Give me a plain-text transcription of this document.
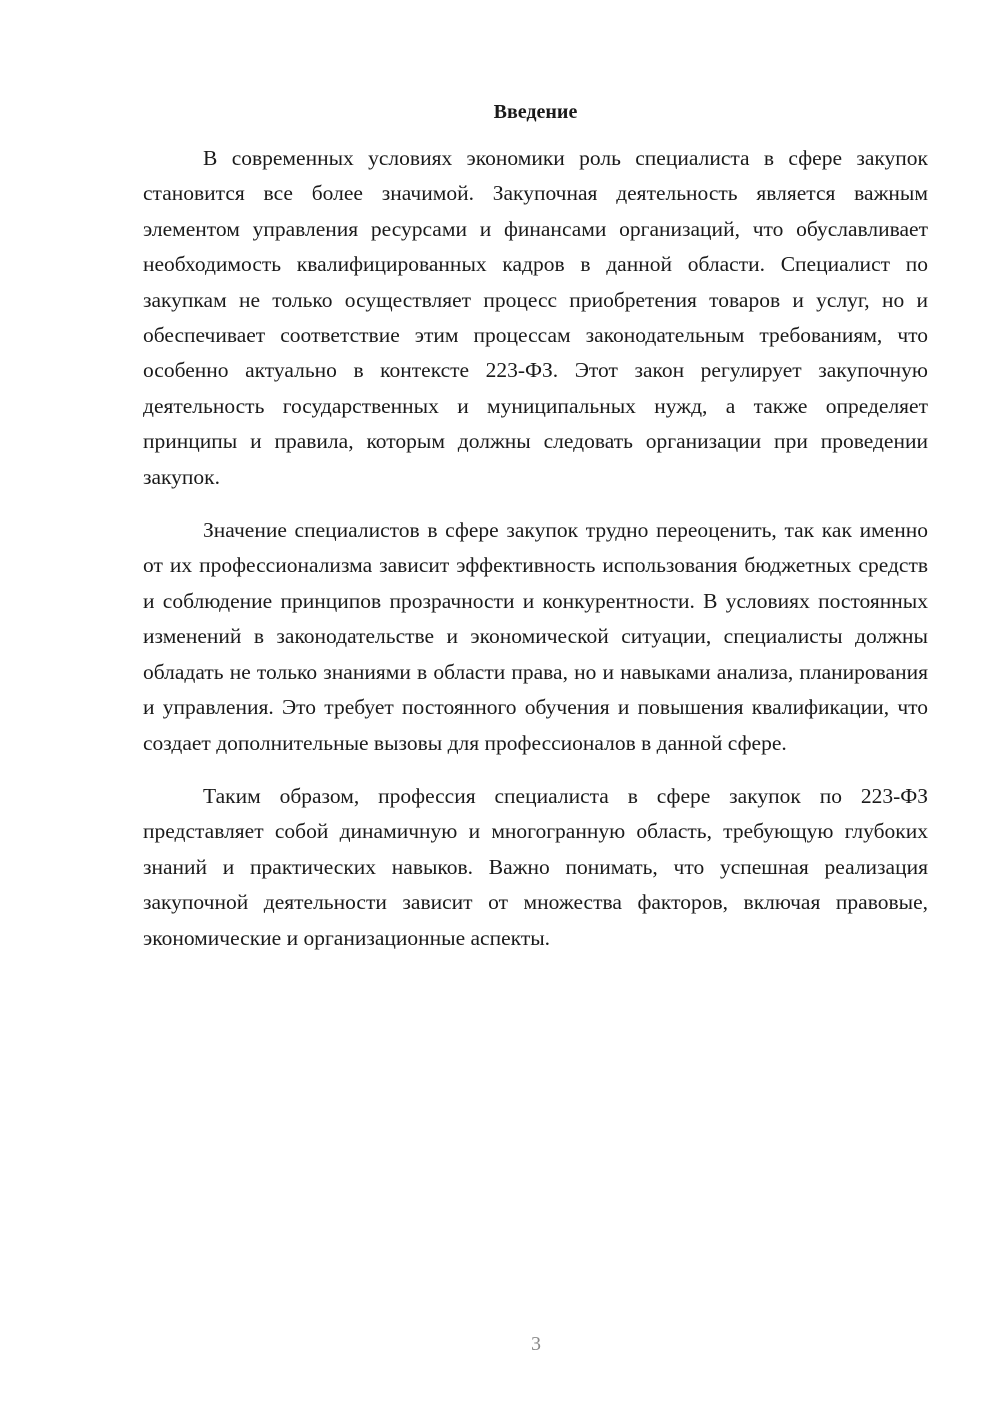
Введение

В современных условиях экономики роль специалиста в сфере закупок становится все более значимой. Закупочная деятельность является важным элементом управления ресурсами и финансами организаций, что обуславливает необходимость квалифицированных кадров в данной области. Специалист по закупкам не только осуществляет процесс приобретения товаров и услуг, но и обеспечивает соответствие этим процессам законодательным требованиям, что особенно актуально в контексте 223-ФЗ. Этот закон регулирует закупочную деятельность государственных и муниципальных нужд, а также определяет принципы и правила, которым должны следовать организации при проведении закупок.

Значение специалистов в сфере закупок трудно переоценить, так как именно от их профессионализма зависит эффективность использования бюджетных средств и соблюдение принципов прозрачности и конкурентности. В условиях постоянных изменений в законодательстве и экономической ситуации, специалисты должны обладать не только знаниями в области права, но и навыками анализа, планирования и управления. Это требует постоянного обучения и повышения квалификации, что создает дополнительные вызовы для профессионалов в данной сфере.

Таким образом, профессия специалиста в сфере закупок по 223-ФЗ представляет собой динамичную и многогранную область, требующую глубоких знаний и практических навыков. Важно понимать, что успешная реализация закупочной деятельности зависит от множества факторов, включая правовые, экономические и организационные аспекты.

3
